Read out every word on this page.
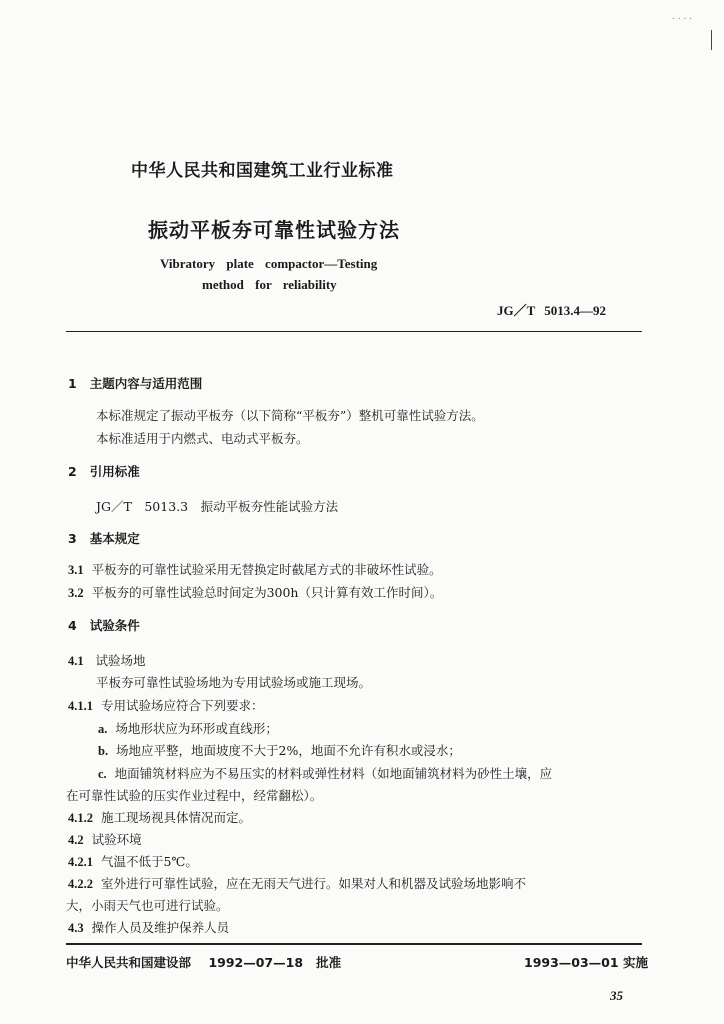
. . . .
中华人民共和国建筑工业行业标准
振动平板夯可靠性试验方法
Vibratory plate compactor—Testing
method for reliability
JG／T 5013.4—92
1 主题内容与适用范围
本标准规定了振动平板夯（以下简称“平板夯”）整机可靠性试验方法。
本标准适用于内燃式、电动式平板夯。
2 引用标准
JG／T　5013.3　振动平板夯性能试验方法
3 基本规定
3.1 平板夯的可靠性试验采用无替换定时截尾方式的非破坏性试验。
3.2 平板夯的可靠性试验总时间定为300h（只计算有效工作时间）。
4 试验条件
4.1 试验场地
平板夯可靠性试验场地为专用试验场或施工现场。
4.1.1 专用试验场应符合下列要求：
a. 场地形状应为环形或直线形；
b. 场地应平整，地面坡度不大于2%，地面不允许有积水或浸水；
c. 地面铺筑材料应为不易压实的材料或弹性材料（如地面铺筑材料为砂性土壤，应
在可靠性试验的压实作业过程中，经常翻松）。
4.1.2 施工现场视具体情况而定。
4.2 试验环境
4.2.1 气温不低于5℃。
4.2.2 室外进行可靠性试验，应在无雨天气进行。如果对人和机器及试验场地影响不
大，小雨天气也可进行试验。
4.3 操作人员及维护保养人员
中华人民共和国建设部 1992—07—18 批准	1993—03—01 实施
35
